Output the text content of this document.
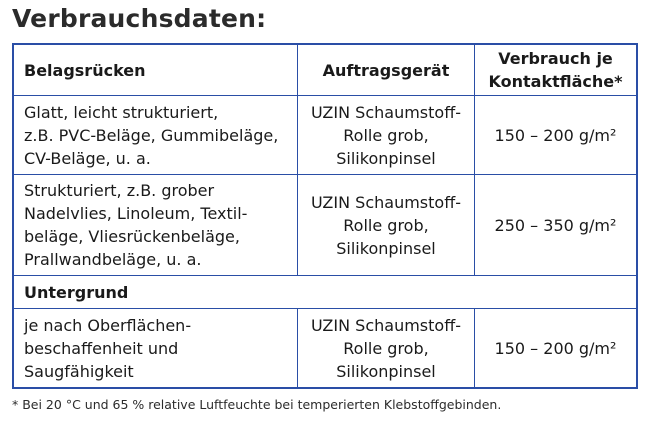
Verbrauchsdaten:
Belagsrücken	Auftragsgerät	Verbrauch je
Kontaktfläche*

Glatt, leicht strukturiert,
z.B. PVC-Beläge, Gummibeläge,
CV-Beläge, u. a.	UZIN Schaumstoff-
Rolle grob,
Silikonpinsel	150 – 200 g/m²

Strukturiert, z.B. grober
Nadelvlies, Linoleum, Textil-
beläge, Vliesrückenbeläge,
Prallwandbeläge, u. a.	UZIN Schaumstoff-
Rolle grob,
Silikonpinsel	250 – 350 g/m²
Untergrund		

je nach Oberflächen-
beschaffenheit und
Saugfähigkeit	UZIN Schaumstoff-
Rolle grob,
Silikonpinsel	150 – 200 g/m²
* Bei 20 °C und 65 % relative Luftfeuchte bei temperierten Klebstoffgebinden.
